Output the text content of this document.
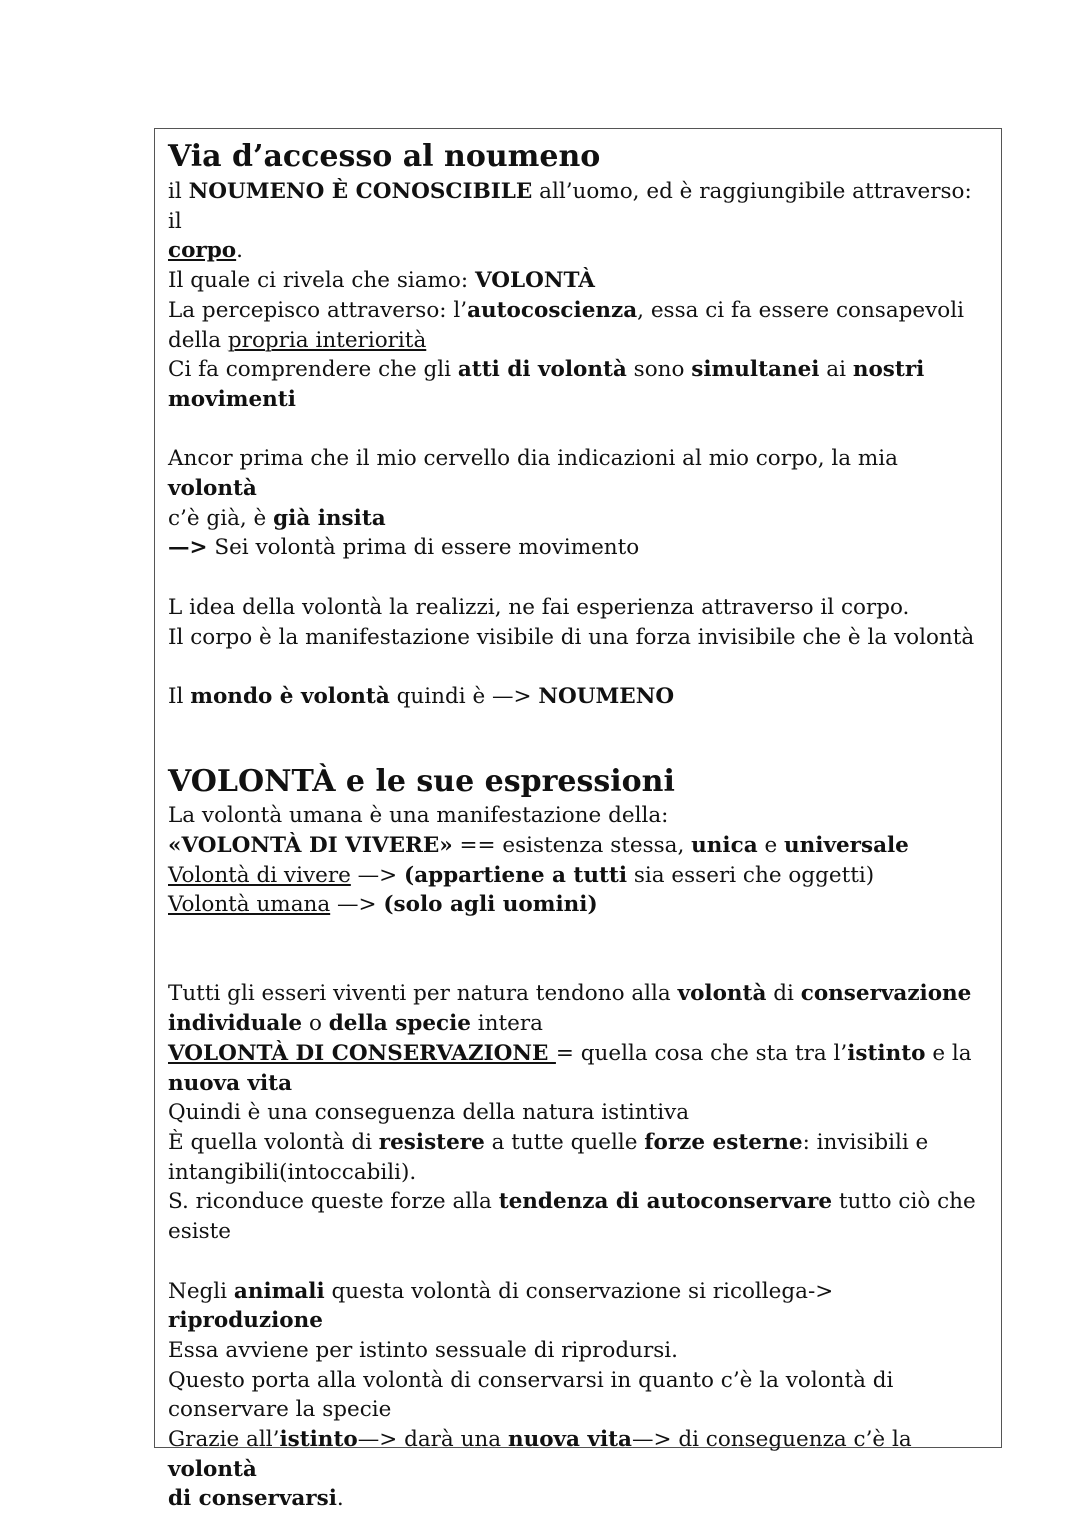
Via d’accesso al noumeno

il NOUMENO È CONOSCIBILE all’uomo, ed è raggiungibile attraverso: il

corpo.

Il quale ci rivela che siamo: VOLONTÀ

La percepisco attraverso: l’autocoscienza, essa ci fa essere consapevoli

della propria interiorità

Ci fa comprendere che gli atti di volontà sono simultanei ai nostri

movimenti

Ancor prima che il mio cervello dia indicazioni al mio corpo, la mia volontà

c’è già, è già insita

—> Sei volontà prima di essere movimento

L idea della volontà la realizzi, ne fai esperienza attraverso il corpo.

Il corpo è la manifestazione visibile di una forza invisibile che è la volontà

Il mondo è volontà quindi è —> NOUMENO

VOLONTÀ e le sue espressioni

La volontà umana è una manifestazione della:

«VOLONTÀ DI VIVERE» == esistenza stessa, unica e universale

Volontà di vivere —> (appartiene a tutti sia esseri che oggetti)

Volontà umana —> (solo agli uomini)

Tutti gli esseri viventi per natura tendono alla volontà di conservazione

individuale o della specie intera

VOLONTÀ DI CONSERVAZIONE = quella cosa che sta tra l’istinto e la

nuova vita

Quindi è una conseguenza della natura istintiva

È quella volontà di resistere a tutte quelle forze esterne: invisibili e

intangibili(intoccabili).

S. riconduce queste forze alla tendenza di autoconservare tutto ciò che

esiste

Negli animali questa volontà di conservazione si ricollega-> riproduzione

Essa avviene per istinto sessuale di riprodursi.

Questo porta alla volontà di conservarsi in quanto c’è la volontà di

conservare la specie

Grazie all’istinto—> darà una nuova vita—> di conseguenza c’è la volontà

di conservarsi.
